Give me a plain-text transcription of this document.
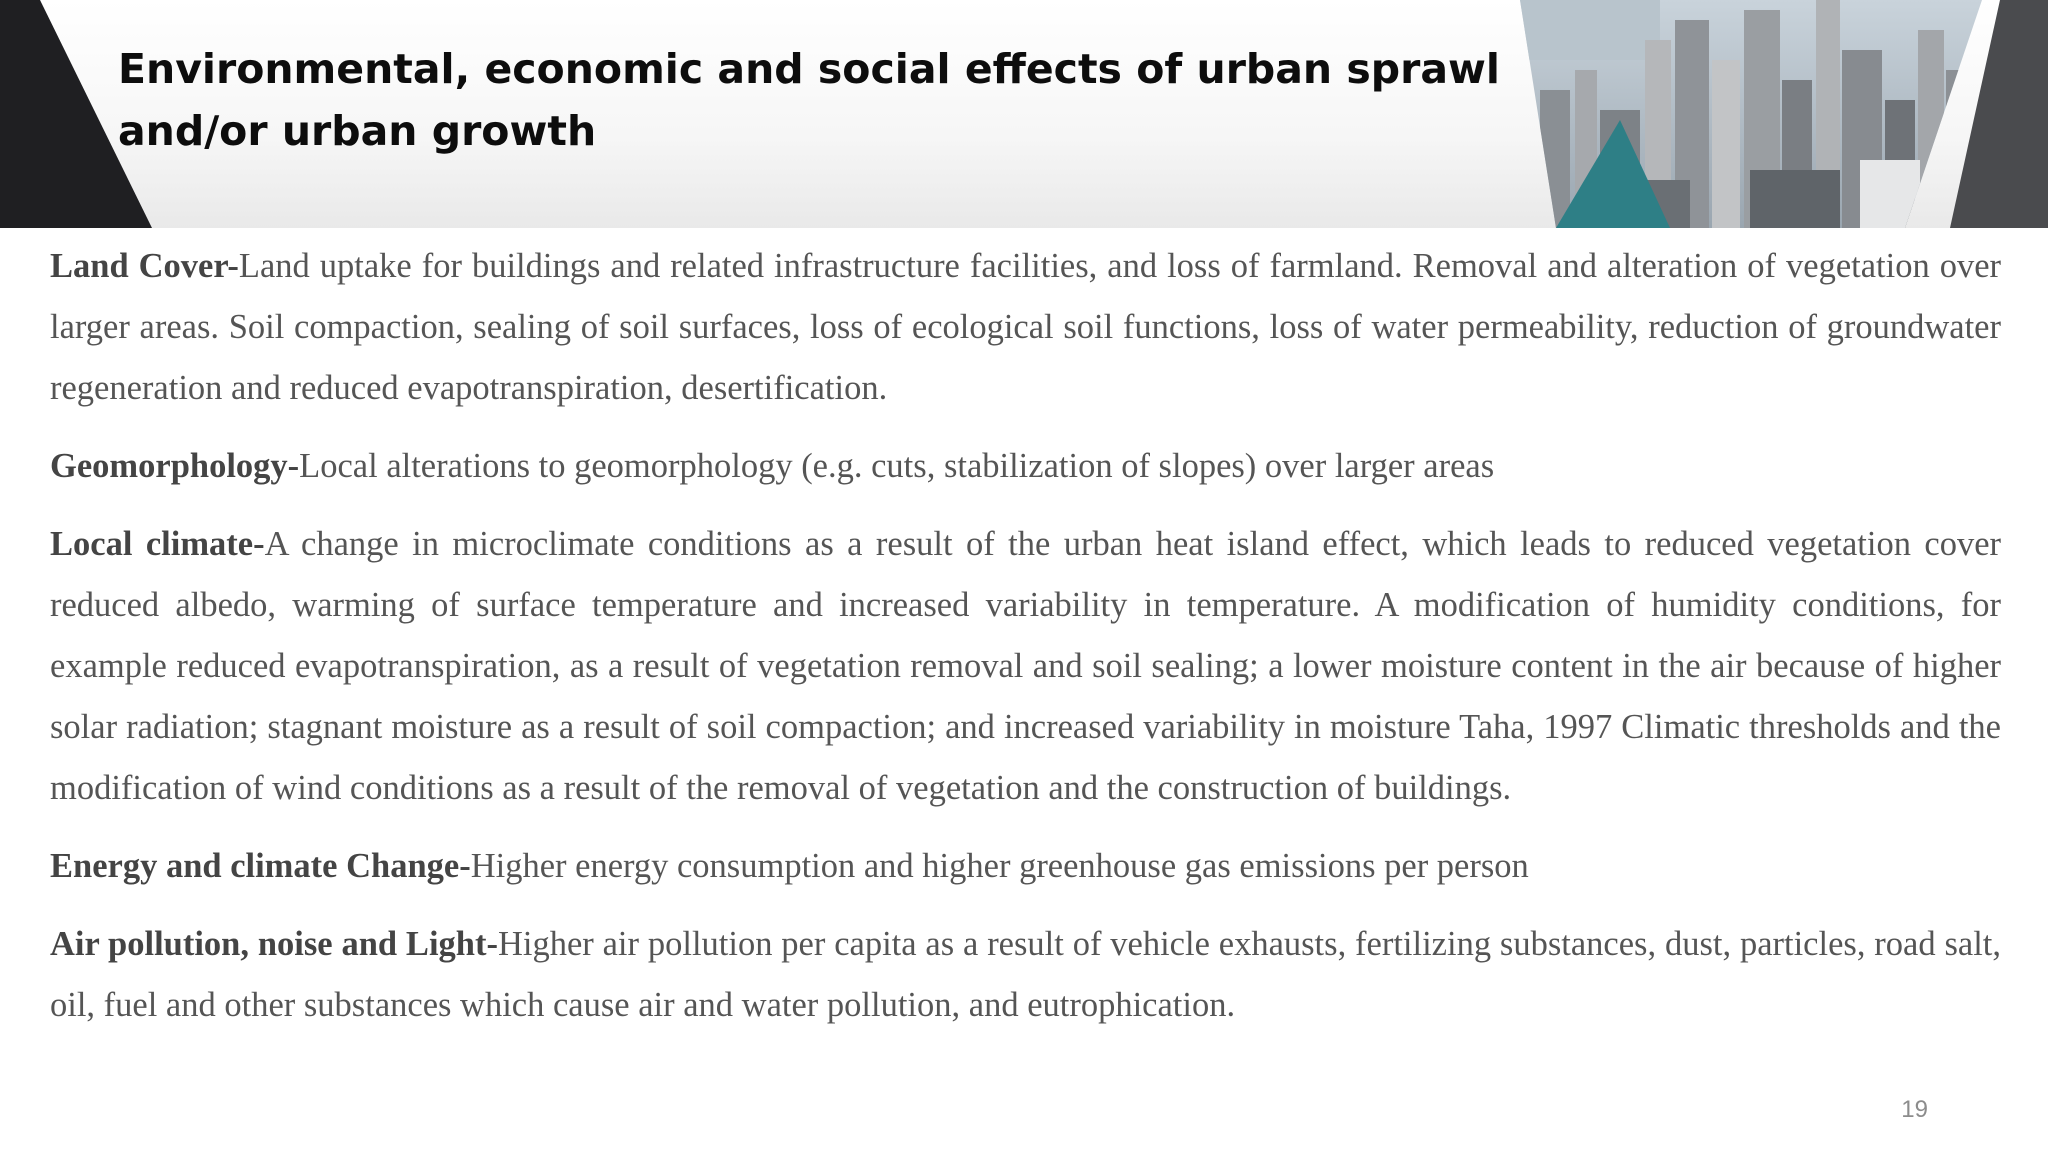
Environmental, economic and social effects of urban sprawl and/or urban growth

Land Cover-Land uptake for buildings and related infrastructure facilities, and loss of farmland. Removal and alteration of vegetation over larger areas. Soil compaction, sealing of soil surfaces, loss of ecological soil functions, loss of water permeability, reduction of groundwater regeneration and reduced evapotranspiration, desertification.

Geomorphology-Local alterations to geomorphology (e.g. cuts, stabilization of slopes) over larger areas

Local climate-A change in microclimate conditions as a result of the urban heat island effect, which leads to reduced vegetation cover reduced albedo, warming of surface temperature and increased variability in temperature. A modification of humidity conditions, for example reduced evapotranspiration, as a result of vegetation removal and soil sealing; a lower moisture content in the air because of higher solar radiation; stagnant moisture as a result of soil compaction; and increased variability in moisture Taha, 1997 Climatic thresholds and the modification of wind conditions as a result of the removal of vegetation and the construction of buildings.

Energy and climate Change-Higher energy consumption and higher greenhouse gas emissions per person

Air pollution, noise and Light-Higher air pollution per capita as a result of vehicle exhausts, fertilizing substances, dust, particles, road salt, oil, fuel and other substances which cause air and water pollution, and eutrophication.

19
